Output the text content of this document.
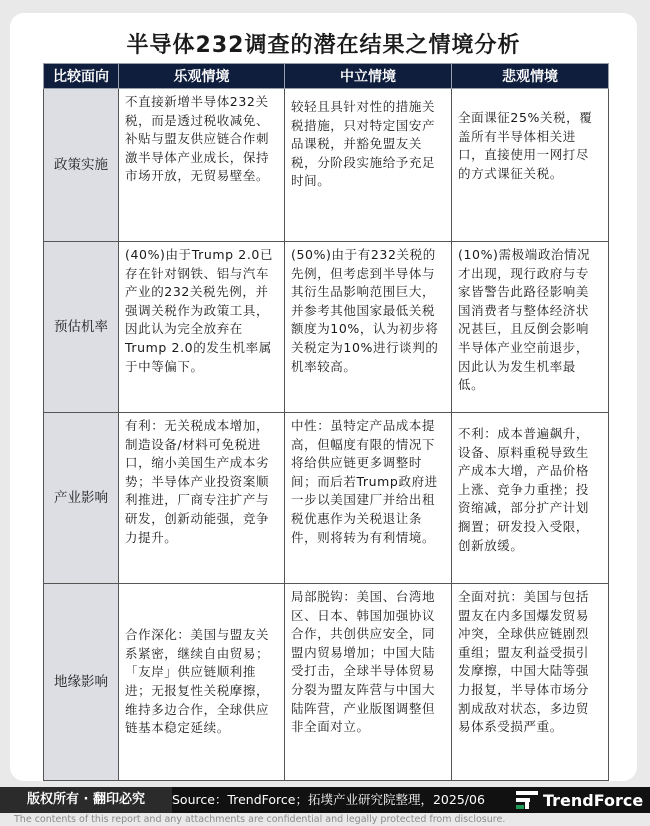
半导体232调查的潜在结果之情境分析
比较面向	乐观情境	中立情境	悲观情境
政策实施	不直接新增半导体232关税，而是透过税收减免、补贴与盟友供应链合作刺激半导体产业成长，保持市场开放，无贸易壁垒。	较轻且具针对性的措施关税措施，只对特定国安产品课税，并豁免盟友关税，分阶段实施给予充足时间。	全面课征25%关税，覆盖所有半导体相关进口，直接使用一网打尽的方式课征关税。
预估机率	(40%)由于Trump 2.0已存在针对钢铁、铝与汽车产业的232关税先例，并强调关税作为政策工具，因此认为完全放弃在Trump 2.0的发生机率属于中等偏下。	(50%)由于有232关税的先例，但考虑到半导体与其衍生品影响范围巨大，并参考其他国家最低关税额度为10%，认为初步将关税定为10%进行谈判的机率较高。	(10%)需极端政治情况才出现，现行政府与专家皆警告此路径影响美国消费者与整体经济状况甚巨，且反倒会影响半导体产业空前退步，因此认为发生机率最低。
产业影响	有利：无关税成本增加，制造设备/材料可免税进口，缩小美国生产成本劣势；半导体产业投资案顺利推进，厂商专注扩产与研发，创新动能强，竞争力提升。	中性：虽特定产品成本提高，但幅度有限的情况下将给供应链更多调整时间；而后若Trump政府进一步以美国建厂并给出租税优惠作为关税退让条件，则将转为有利情境。	不利：成本普遍飙升，设备、原料重税导致生产成本大增，产品价格上涨、竞争力重挫；投资缩减，部分扩产计划搁置；研发投入受限，创新放缓。
地缘影响	合作深化：美国与盟友关系紧密，继续自由贸易；「友岸」供应链顺利推进；无报复性关税摩擦，维持多边合作，全球供应链基本稳定延续。	局部脱钩：美国、台湾地区、日本、韩国加强协议合作，共创供应安全，同盟内贸易增加；中国大陆受打击，全球半导体贸易分裂为盟友阵营与中国大陆阵营，产业版图调整但非全面对立。	全面对抗：美国与包括盟友在内多国爆发贸易冲突，全球供应链剧烈重组；盟友利益受损引发摩擦，中国大陆等强力报复，半导体市场分割成敌对状态，多边贸易体系受损严重。
版权所有 · 翻印必究	Source：TrendForce；拓墣产业研究院整理，2025/06	TrendForce
The contents of this report and any attachments are confidential and legally protected from disclosure.
